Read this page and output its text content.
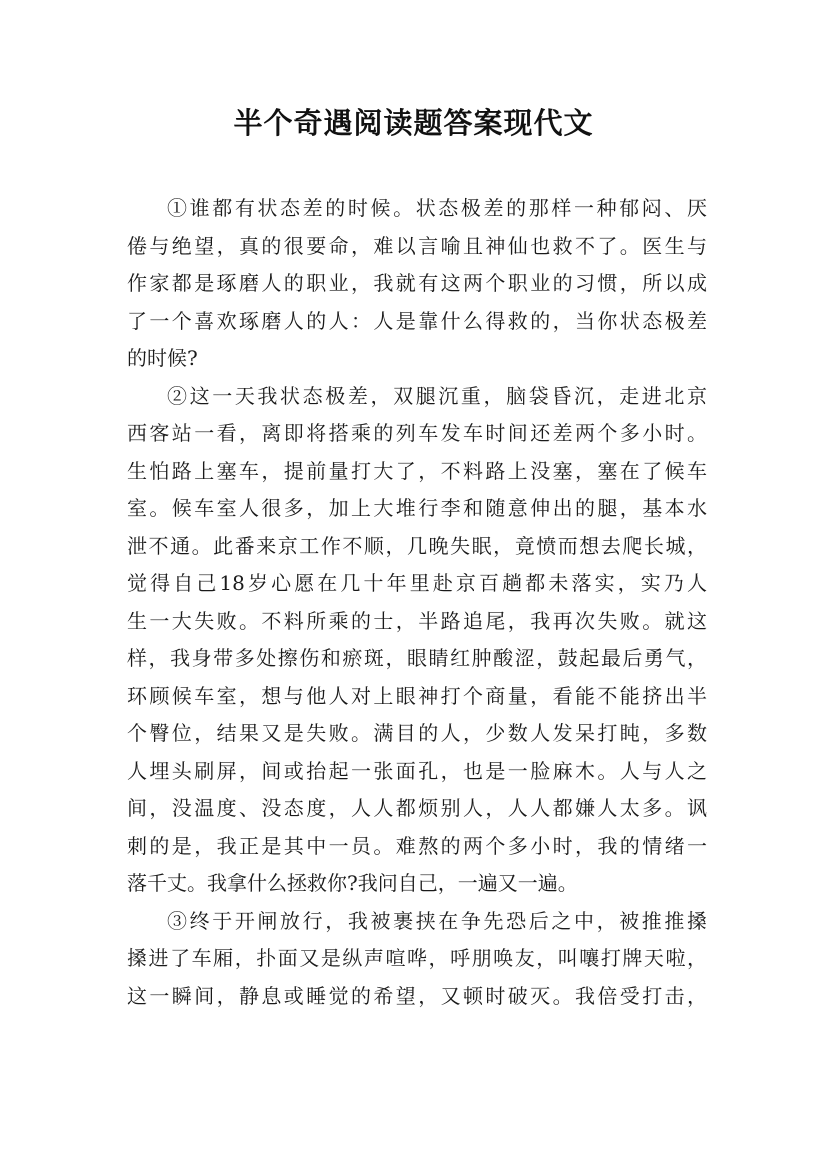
半个奇遇阅读题答案现代文
①谁都有状态差的时候。状态极差的那样一种郁闷、厌
倦与绝望，真的很要命，难以言喻且神仙也救不了。医生与
作家都是琢磨人的职业，我就有这两个职业的习惯，所以成
了一个喜欢琢磨人的人：人是靠什么得救的，当你状态极差
的时候?
②这一天我状态极差，双腿沉重，脑袋昏沉，走进北京
西客站一看，离即将搭乘的列车发车时间还差两个多小时。
生怕路上塞车，提前量打大了，不料路上没塞，塞在了候车
室。候车室人很多，加上大堆行李和随意伸出的腿，基本水
泄不通。此番来京工作不顺，几晚失眠，竟愤而想去爬长城，
觉得自己18岁心愿在几十年里赴京百趟都未落实，实乃人
生一大失败。不料所乘的士，半路追尾，我再次失败。就这
样，我身带多处擦伤和瘀斑，眼睛红肿酸涩，鼓起最后勇气，
环顾候车室，想与他人对上眼神打个商量，看能不能挤出半
个臀位，结果又是失败。满目的人，少数人发呆打盹，多数
人埋头刷屏，间或抬起一张面孔，也是一脸麻木。人与人之
间，没温度、没态度，人人都烦别人，人人都嫌人太多。讽
刺的是，我正是其中一员。难熬的两个多小时，我的情绪一
落千丈。我拿什么拯救你?我问自己，一遍又一遍。
③终于开闸放行，我被裹挟在争先恐后之中，被推推搡
搡进了车厢，扑面又是纵声喧哗，呼朋唤友，叫嚷打牌天啦，
这一瞬间，静息或睡觉的希望，又顿时破灭。我倍受打击，
